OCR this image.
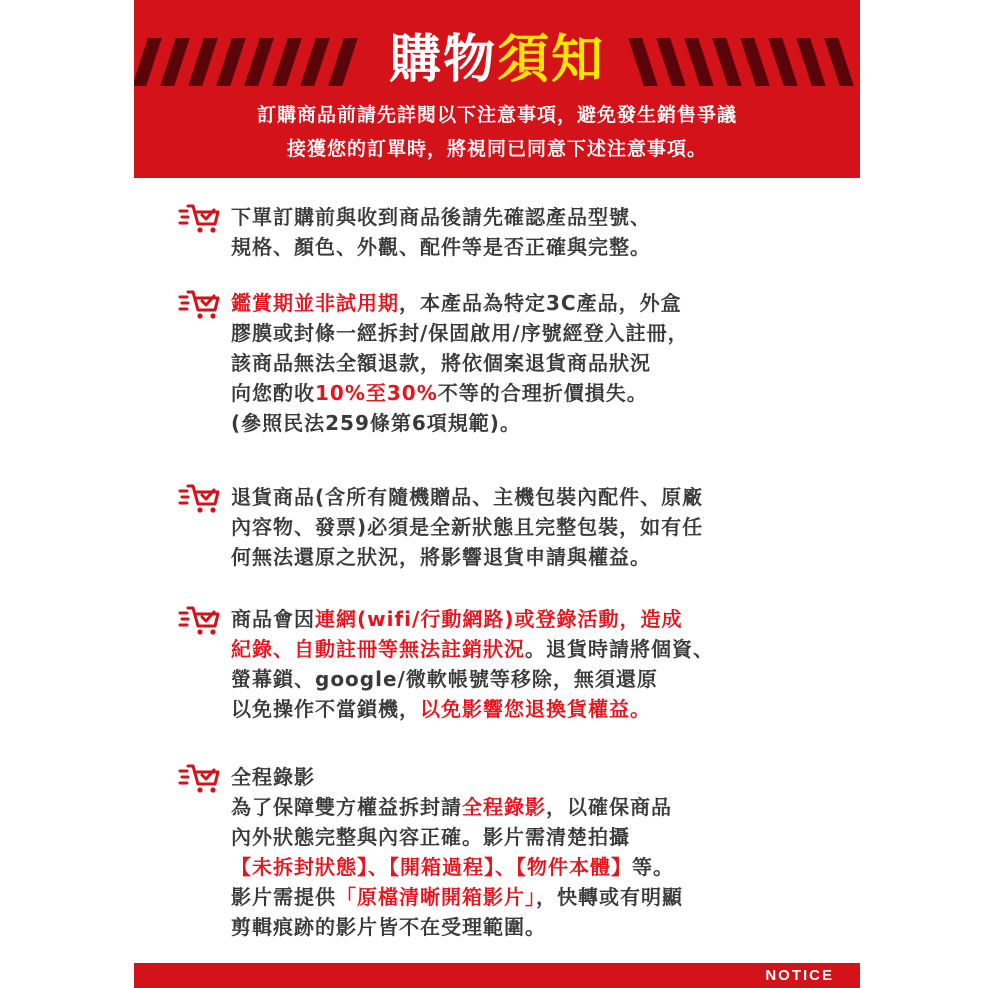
購物須知
訂購商品前請先詳閱以下注意事項，避免發生銷售爭議
接獲您的訂單時，將視同已同意下述注意事項。

下單訂購前與收到商品後請先確認產品型號、

規格、顏色、外觀、配件等是否正確與完整。

鑑賞期並非試用期，本產品為特定3C產品，外盒

膠膜或封條一經拆封/保固啟用/序號經登入註冊，

該商品無法全額退款，將依個案退貨商品狀況

向您酌收10%至30%不等的合理折價損失。

(參照民法259條第6項規範)。

退貨商品(含所有隨機贈品、主機包裝內配件、原廠

內容物、發票)必須是全新狀態且完整包裝，如有任

何無法還原之狀況，將影響退貨申請與權益。

商品會因連網(wifi/行動網路)或登錄活動，造成

紀錄、自動註冊等無法註銷狀況。退貨時請將個資、

螢幕鎖、google/微軟帳號等移除，無須還原

以免操作不當鎖機，以免影響您退換貨權益。

全程錄影

為了保障雙方權益拆封請全程錄影，以確保商品

內外狀態完整與內容正確。影片需清楚拍攝

【未拆封狀態】、【開箱過程】、【物件本體】等。

影片需提供「原檔清晰開箱影片」，快轉或有明顯

剪輯痕跡的影片皆不在受理範圍。

NOTICE
